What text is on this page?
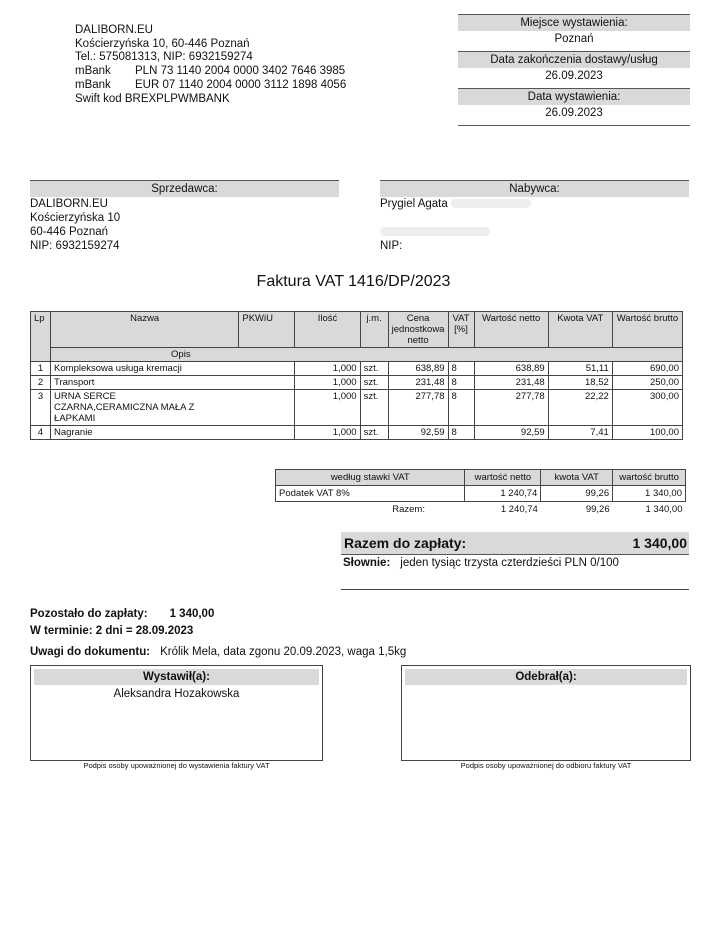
DALIBORN.EU
Kościerzyńska 10, 60-446 Poznań
Tel.: 575081313, NIP: 6932159274
mBank PLN 73 1140 2004 0000 3402 7646 3985
mBank EUR 07 1140 2004 0000 3112 1898 4056
Swift kod BREXPLPWMBANK
Miejsce wystawienia:
Poznań
Data zakończenia dostawy/usług
26.09.2023
Data wystawienia:
26.09.2023
Sprzedawca:
DALIBORN.EU
Kościerzyńska 10
60-446 Poznań
NIP: 6932159274
Nabywca:
Prygiel Agata
NIP:
Faktura VAT 1416/DP/2023
Lp	Nazwa	PKWiU	Ilość	j.m.	Cena jednostkowa netto	VAT [%]	Wartość netto	Kwota VAT	Wartość brutto
	Opis								
1	Kompleksowa usługa kremacji		1,000	szt.	638,89	8	638,89	51,11	690,00
2	Transport		1,000	szt.	231,48	8	231,48	18,52	250,00
3	URNA SERCE
CZARNA,CERAMICZNA MAŁA Z ŁAPKAMI		1,000	szt.	277,78	8	277,78	22,22	300,00
4	Nagranie		1,000	szt.	92,59	8	92,59	7,41	100,00
według stawki VAT	wartość netto	kwota VAT	wartość brutto
Podatek VAT 8%	1 240,74	99,26	1 340,00
Razem:	1 240,74	99,26	1 340,00
Razem do zapłaty:	1 340,00
Słownie: jeden tysiąc trzysta czterdzieści PLN 0/100
Pozostało do zapłaty: 1 340,00
W terminie: 2 dni = 28.09.2023
Uwagi do dokumentu: Królik Mela, data zgonu 20.09.2023, waga 1,5kg
Wystawił(a):
Aleksandra Hozakowska
Podpis osoby upoważnionej do wystawienia faktury VAT
Odebrał(a):
Podpis osoby upoważnionej do odbioru faktury VAT
